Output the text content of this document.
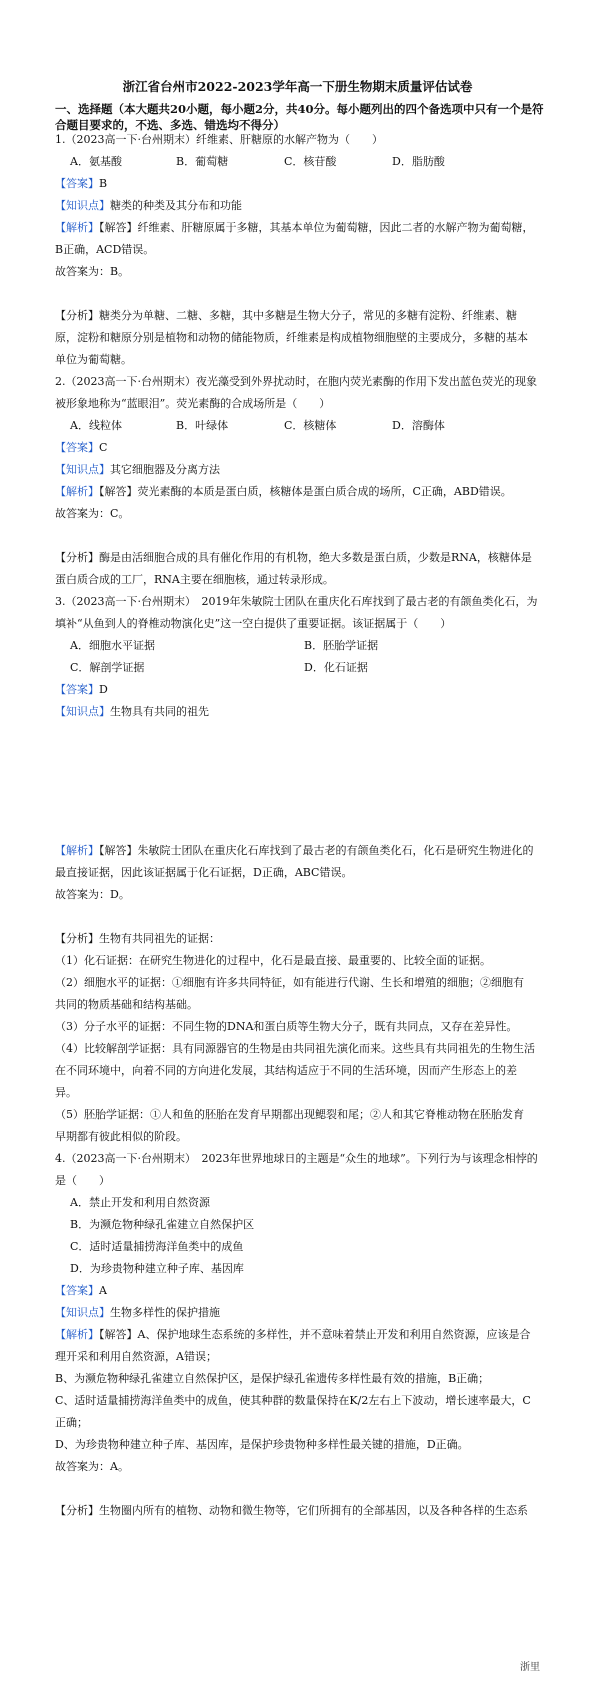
浙江省台州市2022-2023学年高一下册生物期末质量评估试卷
一、选择题（本大题共20小题，每小题2分，共40分。每小题列出的四个备选项中只有一个是符合题目要求的，不选、多选、错选均不得分）
1.（2023高一下·台州期末）纤维素、肝糖原的水解产物为（　　）
A．氨基酸	B．葡萄糖	C．核苷酸	D．脂肪酸
【答案】B
【知识点】糖类的种类及其分布和功能
【解析】【解答】纤维素、肝糖原属于多糖，其基本单位为葡萄糖，因此二者的水解产物为葡萄糖，
B正确，ACD错误。
故答案为：B。
【分析】糖类分为单糖、二糖、多糖，其中多糖是生物大分子，常见的多糖有淀粉、纤维素、糖
原，淀粉和糖原分别是植物和动物的储能物质，纤维素是构成植物细胞壁的主要成分，多糖的基本
单位为葡萄糖。
2.（2023高一下·台州期末）夜光藻受到外界扰动时，在胞内荧光素酶的作用下发出蓝色荧光的现象
被形象地称为“蓝眼泪”。荧光素酶的合成场所是（　　）
A．线粒体	B．叶绿体	C．核糖体	D．溶酶体
【答案】C
【知识点】其它细胞器及分离方法
【解析】【解答】荧光素酶的本质是蛋白质，核糖体是蛋白质合成的场所，C正确，ABD错误。
故答案为：C。
【分析】酶是由活细胞合成的具有催化作用的有机物，绝大多数是蛋白质，少数是RNA，核糖体是
蛋白质合成的工厂，RNA主要在细胞核，通过转录形成。
3.（2023高一下·台州期末）　2019年朱敏院士团队在重庆化石库找到了最古老的有颌鱼类化石，为
填补“从鱼到人的脊椎动物演化史”这一空白提供了重要证据。该证据属于（　　）
A．细胞水平证据	B．胚胎学证据
C．解剖学证据	D．化石证据
【答案】D
【知识点】生物具有共同的祖先
【解析】【解答】朱敏院士团队在重庆化石库找到了最古老的有颌鱼类化石，化石是研究生物进化的
最直接证据，因此该证据属于化石证据，D正确，ABC错误。
故答案为：D。
【分析】生物有共同祖先的证据：
（1）化石证据：在研究生物进化的过程中，化石是最直接、最重要的、比较全面的证据。
（2）细胞水平的证据：①细胞有许多共同特征，如有能进行代谢、生长和增殖的细胞；②细胞有
共同的物质基础和结构基础。
（3）分子水平的证据：不同生物的DNA和蛋白质等生物大分子，既有共同点，又存在差异性。
（4）比较解剖学证据：具有同源器官的生物是由共同祖先演化而来。这些具有共同祖先的生物生活
在不同环境中，向着不同的方向进化发展，其结构适应于不同的生活环境，因而产生形态上的差
异。
（5）胚胎学证据：①人和鱼的胚胎在发育早期都出现鳃裂和尾；②人和其它脊椎动物在胚胎发育
早期都有彼此相似的阶段。
4.（2023高一下·台州期末）　2023年世界地球日的主题是“众生的地球”。下列行为与该理念相悖的
是（　　）
A．禁止开发和利用自然资源
B．为濒危物种绿孔雀建立自然保护区
C．适时适量捕捞海洋鱼类中的成鱼
D．为珍贵物种建立种子库、基因库
【答案】A
【知识点】生物多样性的保护措施
【解析】【解答】A、保护地球生态系统的多样性，并不意味着禁止开发和利用自然资源，应该是合
理开采和利用自然资源，A错误；
B、为濒危物种绿孔雀建立自然保护区，是保护绿孔雀遗传多样性最有效的措施，B正确；
C、适时适量捕捞海洋鱼类中的成鱼，使其种群的数量保持在K/2左右上下波动，增长速率最大，C
正确；
D、为珍贵物种建立种子库、基因库，是保护珍贵物种多样性最关键的措施，D正确。
故答案为：A。
【分析】生物圈内所有的植物、动物和微生物等，它们所拥有的全部基因，以及各种各样的生态系
浙里
